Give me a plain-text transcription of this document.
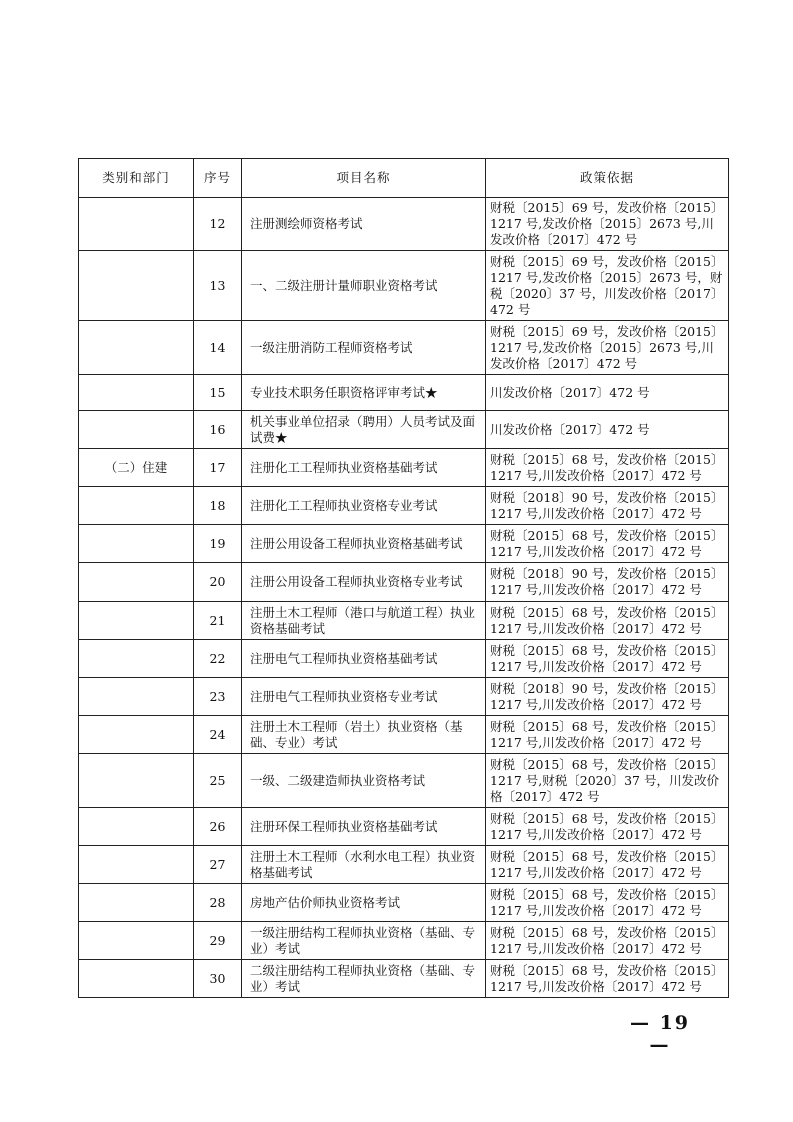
类别和部门	序号	项目名称	政策依据
	12	注册测绘师资格考试	财税〔2015〕69 号，发改价格〔2015〕1217 号,发改价格〔2015〕2673 号,川发改价格〔2017〕472 号
	13	一、二级注册计量师职业资格考试	财税〔2015〕69 号，发改价格〔2015〕1217 号,发改价格〔2015〕2673 号，财税〔2020〕37 号，川发改价格〔2017〕472 号
	14	一级注册消防工程师资格考试	财税〔2015〕69 号，发改价格〔2015〕1217 号,发改价格〔2015〕2673 号,川发改价格〔2017〕472 号
	15	专业技术职务任职资格评审考试★	川发改价格〔2017〕472 号
	16	机关事业单位招录（聘用）人员考试及面试费★	川发改价格〔2017〕472 号
（二）住建	17	注册化工工程师执业资格基础考试	财税〔2015〕68 号，发改价格〔2015〕1217 号,川发改价格〔2017〕472 号
	18	注册化工工程师执业资格专业考试	财税〔2018〕90 号，发改价格〔2015〕1217 号,川发改价格〔2017〕472 号
	19	注册公用设备工程师执业资格基础考试	财税〔2015〕68 号，发改价格〔2015〕1217 号,川发改价格〔2017〕472 号
	20	注册公用设备工程师执业资格专业考试	财税〔2018〕90 号，发改价格〔2015〕1217 号,川发改价格〔2017〕472 号
	21	注册土木工程师（港口与航道工程）执业资格基础考试	财税〔2015〕68 号，发改价格〔2015〕1217 号,川发改价格〔2017〕472 号
	22	注册电气工程师执业资格基础考试	财税〔2015〕68 号，发改价格〔2015〕1217 号,川发改价格〔2017〕472 号
	23	注册电气工程师执业资格专业考试	财税〔2018〕90 号，发改价格〔2015〕1217 号,川发改价格〔2017〕472 号
	24	注册土木工程师（岩土）执业资格（基础、专业）考试	财税〔2015〕68 号，发改价格〔2015〕1217 号,川发改价格〔2017〕472 号
	25	一级、二级建造师执业资格考试	财税〔2015〕68 号，发改价格〔2015〕1217 号,财税〔2020〕37 号，川发改价格〔2017〕472 号
	26	注册环保工程师执业资格基础考试	财税〔2015〕68 号，发改价格〔2015〕1217 号,川发改价格〔2017〕472 号
	27	注册土木工程师（水利水电工程）执业资格基础考试	财税〔2015〕68 号，发改价格〔2015〕1217 号,川发改价格〔2017〕472 号
	28	房地产估价师执业资格考试	财税〔2015〕68 号，发改价格〔2015〕1217 号,川发改价格〔2017〕472 号
	29	一级注册结构工程师执业资格（基础、专业）考试	财税〔2015〕68 号，发改价格〔2015〕1217 号,川发改价格〔2017〕472 号
	30	二级注册结构工程师执业资格（基础、专业）考试	财税〔2015〕68 号，发改价格〔2015〕1217 号,川发改价格〔2017〕472 号
— 19 —
